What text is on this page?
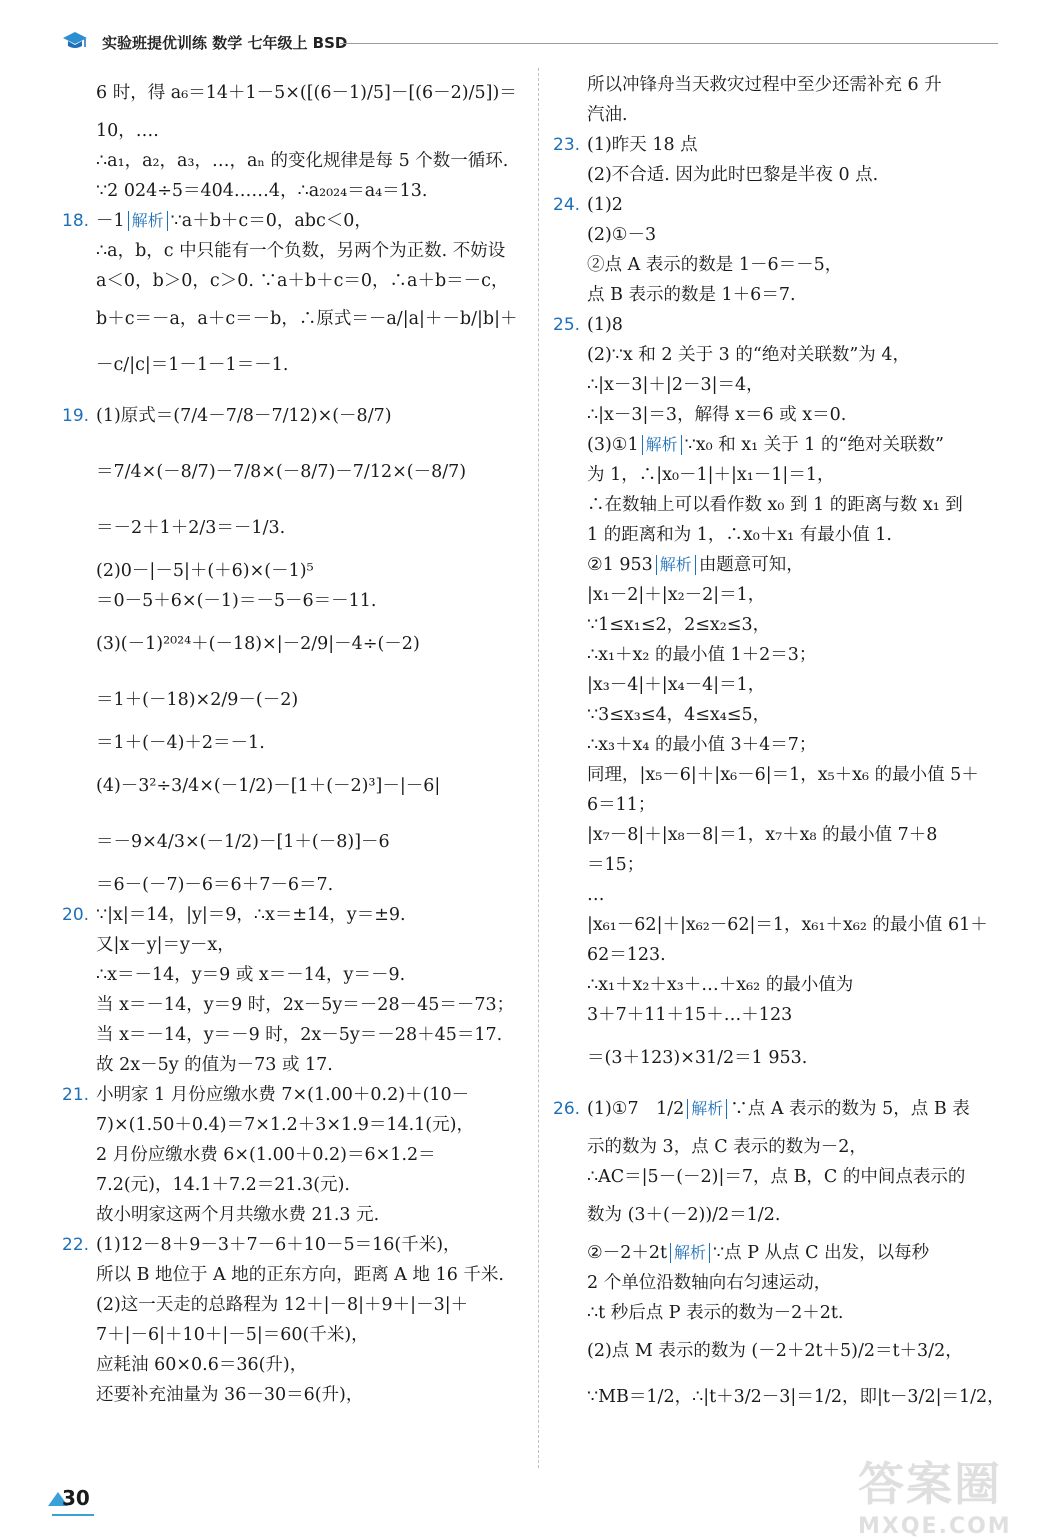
实验班提优训练 数学 七年级上 BSD
6 时，得 a₆＝14＋1－5×([(6－1)/5]－[(6－2)/5])＝
10，….
∴a₁，a₂，a₃，…，aₙ 的变化规律是每 5 个数一循环.
∵2 024÷5＝404……4，∴a₂₀₂₄＝a₄＝13.
18. －1 解析 ∵a＋b＋c＝0，abc＜0，
∴a，b，c 中只能有一个负数，另两个为正数. 不妨设
a＜0，b＞0，c＞0. ∵a＋b＋c＝0，∴a＋b＝－c，
b＋c＝－a，a＋c＝－b，∴原式＝－a/|a|＋－b/|b|＋
－c/|c|＝1－1－1＝－1.
19. (1)原式＝(7/4－7/8－7/12)×(－8/7)
＝7/4×(－8/7)－7/8×(－8/7)－7/12×(－8/7)
＝－2＋1＋2/3＝－1/3.
(2)0－|－5|＋(＋6)×(－1)⁵
＝0－5＋6×(－1)＝－5－6＝－11.
(3)(－1)²⁰²⁴＋(－18)×|－2/9|－4÷(－2)
＝1＋(－18)×2/9－(－2)
＝1＋(－4)＋2＝－1.
(4)－3²÷3/4×(－1/2)－[1＋(－2)³]－|－6|
＝－9×4/3×(－1/2)－[1＋(－8)]－6
＝6－(－7)－6＝6＋7－6＝7.
20. ∵|x|＝14，|y|＝9，∴x＝±14，y＝±9.
又|x－y|＝y－x，
∴x＝－14，y＝9 或 x＝－14，y＝－9.
当 x＝－14，y＝9 时，2x－5y＝－28－45＝－73；
当 x＝－14，y＝－9 时，2x－5y＝－28＋45＝17.
故 2x－5y 的值为－73 或 17.
21. 小明家 1 月份应缴水费 7×(1.00＋0.2)＋(10－
7)×(1.50＋0.4)＝7×1.2＋3×1.9＝14.1(元)，
2 月份应缴水费 6×(1.00＋0.2)＝6×1.2＝
7.2(元)，14.1＋7.2＝21.3(元).
故小明家这两个月共缴水费 21.3 元.
22. (1)12－8＋9－3＋7－6＋10－5＝16(千米)，
所以 B 地位于 A 地的正东方向，距离 A 地 16 千米.
(2)这一天走的总路程为 12＋|－8|＋9＋|－3|＋
7＋|－6|＋10＋|－5|＝60(千米)，
应耗油 60×0.6＝36(升)，
还要补充油量为 36－30＝6(升)，
所以冲锋舟当天救灾过程中至少还需补充 6 升
汽油.
23. (1)昨天 18 点
(2)不合适. 因为此时巴黎是半夜 0 点.
24. (1)2
(2)①－3
②点 A 表示的数是 1－6＝－5，
点 B 表示的数是 1＋6＝7.
25. (1)8
(2)∵x 和 2 关于 3 的“绝对关联数”为 4，
∴|x－3|＋|2－3|＝4，
∴|x－3|＝3，解得 x＝6 或 x＝0.
(3)①1 解析 ∵x₀ 和 x₁ 关于 1 的“绝对关联数”
为 1，∴|x₀－1|＋|x₁－1|＝1，
∴在数轴上可以看作数 x₀ 到 1 的距离与数 x₁ 到
1 的距离和为 1，∴x₀＋x₁ 有最小值 1.
②1 953 解析 由题意可知，
|x₁－2|＋|x₂－2|＝1，
∵1≤x₁≤2，2≤x₂≤3，
∴x₁＋x₂ 的最小值 1＋2＝3；
|x₃－4|＋|x₄－4|＝1，
∵3≤x₃≤4，4≤x₄≤5，
∴x₃＋x₄ 的最小值 3＋4＝7；
同理，|x₅－6|＋|x₆－6|＝1，x₅＋x₆ 的最小值 5＋
6＝11；
|x₇－8|＋|x₈－8|＝1，x₇＋x₈ 的最小值 7＋8
＝15；
…
|x₆₁－62|＋|x₆₂－62|＝1，x₆₁＋x₆₂ 的最小值 61＋
62＝123.
∴x₁＋x₂＋x₃＋…＋x₆₂ 的最小值为
3＋7＋11＋15＋…＋123
＝(3＋123)×31/2＝1 953.
26. (1)①7　1/2 解析 ∵点 A 表示的数为 5，点 B 表
示的数为 3，点 C 表示的数为－2，
∴AC＝|5－(－2)|＝7，点 B，C 的中间点表示的
数为 (3＋(－2))/2＝1/2.
②－2＋2t 解析 ∵点 P 从点 C 出发，以每秒
2 个单位沿数轴向右匀速运动，
∴t 秒后点 P 表示的数为－2＋2t.
(2)点 M 表示的数为 (－2＋2t＋5)/2＝t＋3/2，
∵MB＝1/2，∴|t＋3/2－3|＝1/2，即|t－3/2|＝1/2，
30	答案圈
MXQE.COM
